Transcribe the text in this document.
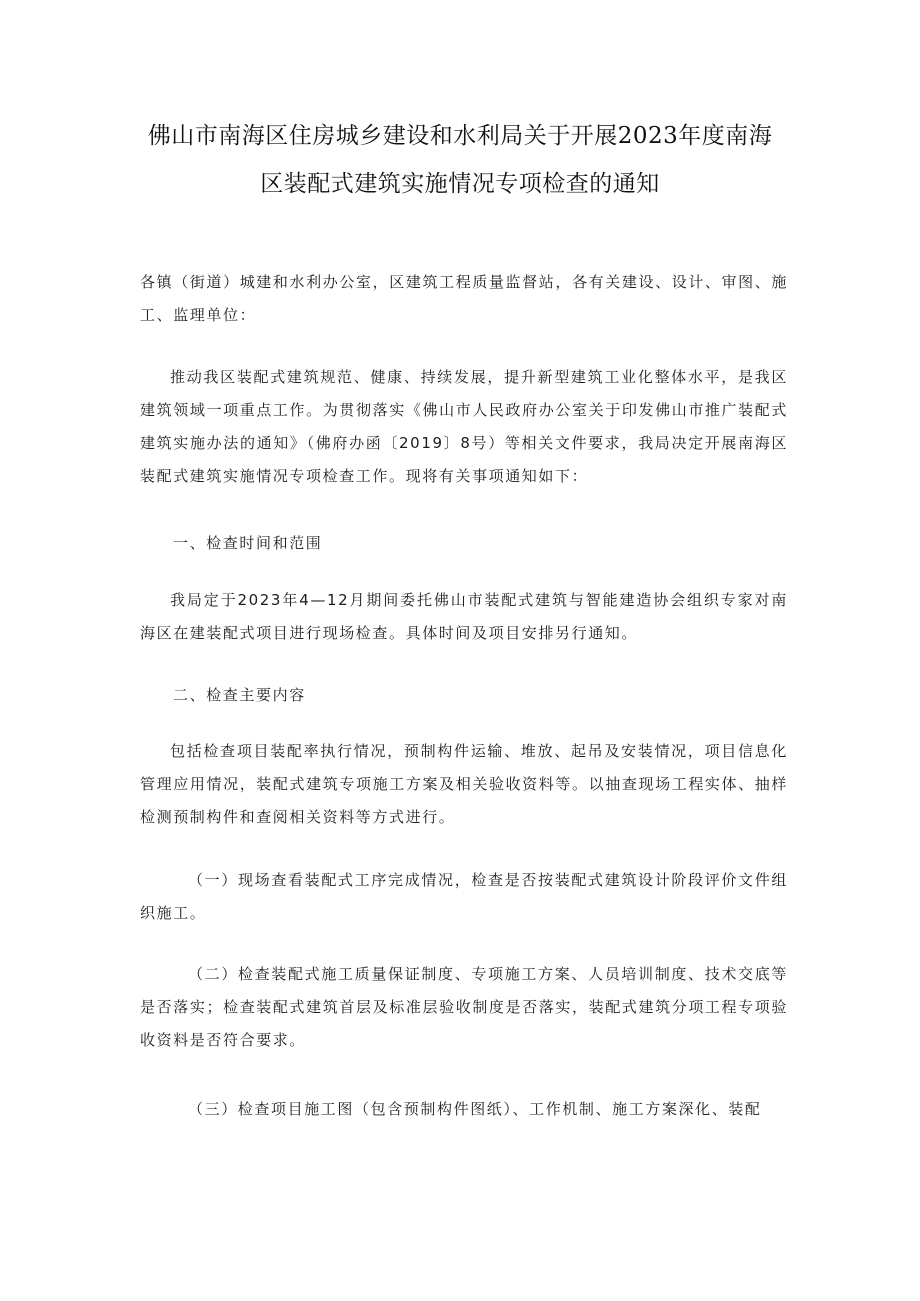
佛山市南海区住房城乡建设和水利局关于开展2023年度南海区装配式建筑实施情况专项检查的通知

各镇（街道）城建和水利办公室，区建筑工程质量监督站，各有关建设、设计、审图、施工、监理单位：

推动我区装配式建筑规范、健康、持续发展，提升新型建筑工业化整体水平，是我区建筑领域一项重点工作。为贯彻落实《佛山市人民政府办公室关于印发佛山市推广装配式建筑实施办法的通知》（佛府办函〔2019〕8号）等相关文件要求，我局决定开展南海区装配式建筑实施情况专项检查工作。现将有关事项通知如下：

一、检查时间和范围

我局定于2023年4—12月期间委托佛山市装配式建筑与智能建造协会组织专家对南海区在建装配式项目进行现场检查。具体时间及项目安排另行通知。

二、检查主要内容

包括检查项目装配率执行情况，预制构件运输、堆放、起吊及安装情况，项目信息化管理应用情况，装配式建筑专项施工方案及相关验收资料等。以抽查现场工程实体、抽样检测预制构件和查阅相关资料等方式进行。

（一）现场查看装配式工序完成情况，检查是否按装配式建筑设计阶段评价文件组织施工。

（二）检查装配式施工质量保证制度、专项施工方案、人员培训制度、技术交底等是否落实；检查装配式建筑首层及标准层验收制度是否落实，装配式建筑分项工程专项验收资料是否符合要求。

（三）检查项目施工图（包含预制构件图纸）、工作机制、施工方案深化、装配
